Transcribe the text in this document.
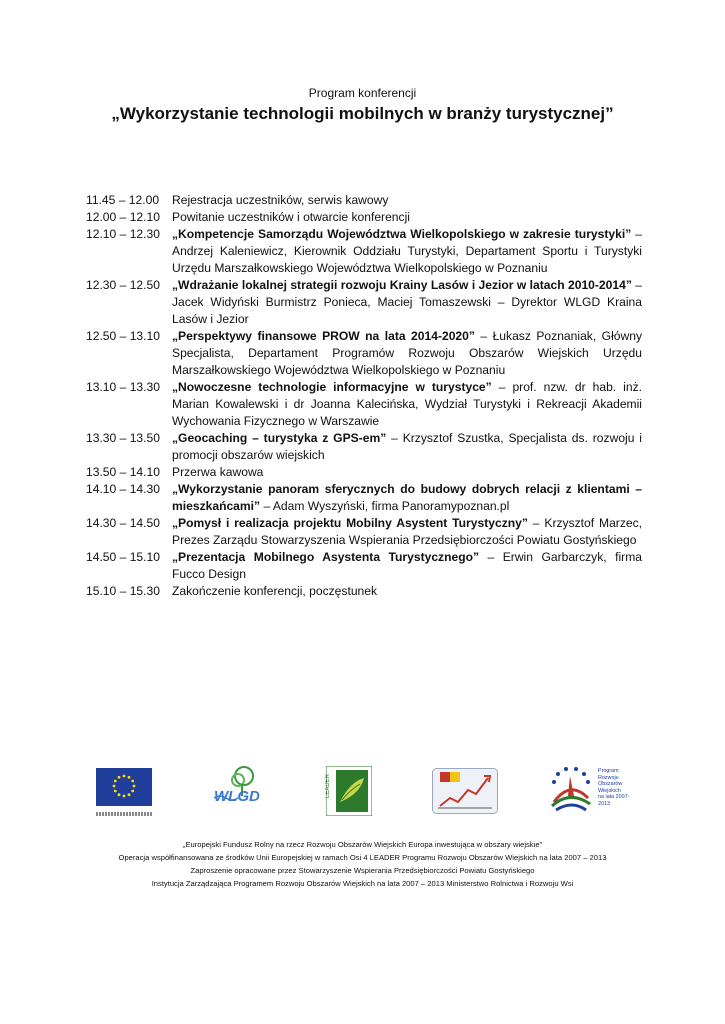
Program konferencji
„Wykorzystanie technologii mobilnych w branży turystycznej”
11.45 – 12.00	Rejestracja uczestników, serwis kawowy
12.00 – 12.10 Powitanie uczestników i otwarcie konferencji
12.10 – 12.30 „Kompetencje Samorządu Województwa Wielkopolskiego w zakresie turystyki” – Andrzej Kaleniewicz, Kierownik Oddziału Turystyki, Departament Sportu i Turystyki Urzędu Marszałkowskiego Województwa Wielkopolskiego w Poznaniu
12.30 – 12.50 „Wdrażanie lokalnej strategii rozwoju Krainy Lasów i Jezior w latach 2010-2014” – Jacek Widyński Burmistrz Poniеca, Maciej Tomaszewski – Dyrektor WLGD Kraina Lasów i Jezior
12.50 – 13.10 „Perspektywy finansowe PROW na lata 2014-2020” – Łukasz Poznaniak, Główny Specjalista, Departament Programów Rozwoju Obszarów Wiejskich Urzędu Marszałkowskiego Województwa Wielkopolskiego w Poznaniu
13.10 – 13.30 „Nowoczesne technologie informacyjne w turystyce” – prof. nzw. dr hab. inż. Marian Kowalewski i dr Joanna Kalecińska, Wydział Turystyki i Rekreacji Akademii Wychowania Fizycznego w Warszawie
13.30 – 13.50 „Geocaching – turystyka z GPS-em” – Krzysztof Szustka, Specjalista ds. rozwoju i promocji obszarów wiejskich
13.50 – 14.10 Przerwa kawowa
14.10 – 14.30 „Wykorzystanie panoram sferycznych do budowy dobrych relacji z klientami – mieszkańcami” – Adam Wyszyński, firma Panoramypoznan.pl
14.30 – 14.50 „Pomysł i realizacja projektu Mobilny Asystent Turystyczny” – Krzysztof Marzec, Prezes Zarządu Stowarzyszenia Wspierania Przedsiębiorczości Powiatu Gostyńskiego
14.50 – 15.10 „Prezentacja Mobilnego Asystenta Turystycznego” – Erwin Garbarczyk, firma Fucco Design
15.10 – 15.30 Zakończenie konferencji, poczęstunek
WLGD	LEADER
Program
Rozwoju
Obszarów
Wiejskich
na lata 2007-2013
„Europejski Fundusz Rolny na rzecz Rozwoju Obszarów Wiejskich Europa inwestująca w obszary wiejskie”
Operacja współfinansowana ze środków Unii Europejskiej w ramach Osi 4 LEADER Programu Rozwoju Obszarów Wiejskich na lata 2007 – 2013
Zaproszenie opracowane przez Stowarzyszenie Wspierania Przedsiębiorczości Powiatu Gostyńskiego
Instytucja Zarządzająca Programem Rozwoju Obszarów Wiejskich na lata 2007 – 2013 Ministerstwo Rolnictwa i Rozwoju Wsi
